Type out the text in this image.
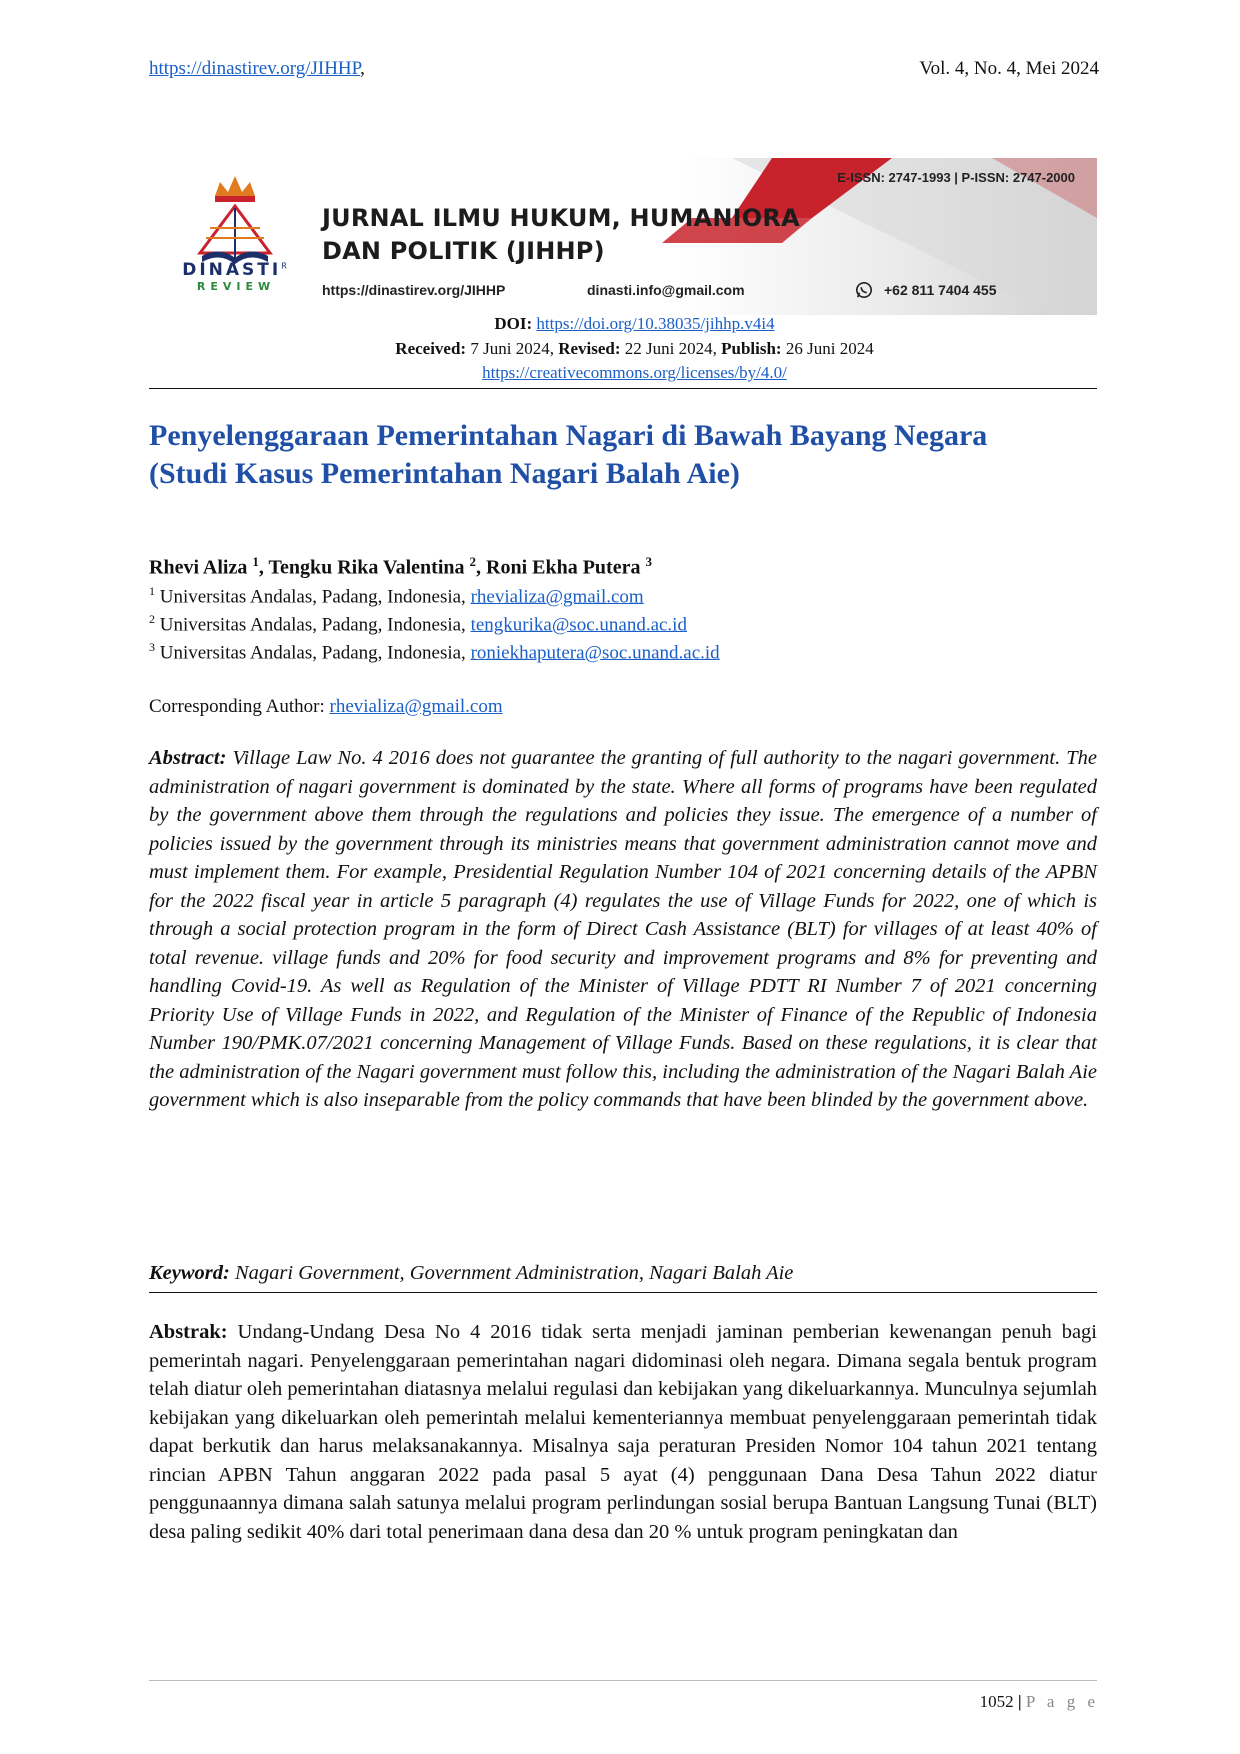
https://dinastirev.org/JIHHP,	Vol. 4, No. 4, Mei 2024
$DINASTI^R$
REVIEW
E-ISSN: 2747-1993 | P-ISSN: 2747-2000
JURNAL ILMU HUKUM, HUMANIORA
DAN POLITIK (JIHHP)
https://dinastirev.org/JIHHP	dinasti.info@gmail.com	+62 811 7404 455
DOI: https://doi.org/10.38035/jihhp.v4i4
Received: 7 Juni 2024, Revised: 22 Juni 2024, Publish: 26 Juni 2024
https://creativecommons.org/licenses/by/4.0/
Penyelenggaraan Pemerintahan Nagari di Bawah Bayang Negara
(Studi Kasus Pemerintahan Nagari Balah Aie)
Rhevi Aliza $^1$, Tengku Rika Valentina $^2$, Roni Ekha Putera $^3$
$^1$ Universitas Andalas, Padang, Indonesia, rhevializa@gmail.com
$^2$ Universitas Andalas, Padang, Indonesia, tengkurika@soc.unand.ac.id
$^3$ Universitas Andalas, Padang, Indonesia, roniekhaputera@soc.unand.ac.id
Corresponding Author: rhevializa@gmail.com
Abstract: Village Law No. 4 2016 does not guarantee the granting of full authority to the nagari government. The administration of nagari government is dominated by the state. Where all forms of programs have been regulated by the government above them through the regulations and policies they issue. The emergence of a number of policies issued by the government through its ministries means that government administration cannot move and must implement them. For example, Presidential Regulation Number 104 of 2021 concerning details of the APBN for the 2022 fiscal year in article 5 paragraph (4) regulates the use of Village Funds for 2022, one of which is through a social protection program in the form of Direct Cash Assistance (BLT) for villages of at least 40% of total revenue. village funds and 20% for food security and improvement programs and 8% for preventing and handling Covid-19. As well as Regulation of the Minister of Village PDTT RI Number 7 of 2021 concerning Priority Use of Village Funds in 2022, and Regulation of the Minister of Finance of the Republic of Indonesia Number 190/PMK.07/2021 concerning Management of Village Funds. Based on these regulations, it is clear that the administration of the Nagari government must follow this, including the administration of the Nagari Balah Aie government which is also inseparable from the policy commands that have been blinded by the government above.
Keyword: Nagari Government, Government Administration, Nagari Balah Aie
Abstrak: Undang-Undang Desa No 4 2016 tidak serta menjadi jaminan pemberian kewenangan penuh bagi pemerintah nagari. Penyelenggaraan pemerintahan nagari didominasi oleh negara. Dimana segala bentuk program telah diatur oleh pemerintahan diatasnya melalui regulasi dan kebijakan yang dikeluarkannya. Munculnya sejumlah kebijakan yang dikeluarkan oleh pemerintah melalui kementeriannya membuat penyelenggaraan pemerintah tidak dapat berkutik dan harus melaksanakannya. Misalnya saja peraturan Presiden Nomor 104 tahun 2021 tentang rincian APBN Tahun anggaran 2022 pada pasal 5 ayat (4) penggunaan Dana Desa Tahun 2022 diatur penggunaannya dimana salah satunya melalui program perlindungan sosial berupa Bantuan Langsung Tunai (BLT) desa paling sedikit 40% dari total penerimaan dana desa dan 20 % untuk program peningkatan dan
1052 | P a g e
